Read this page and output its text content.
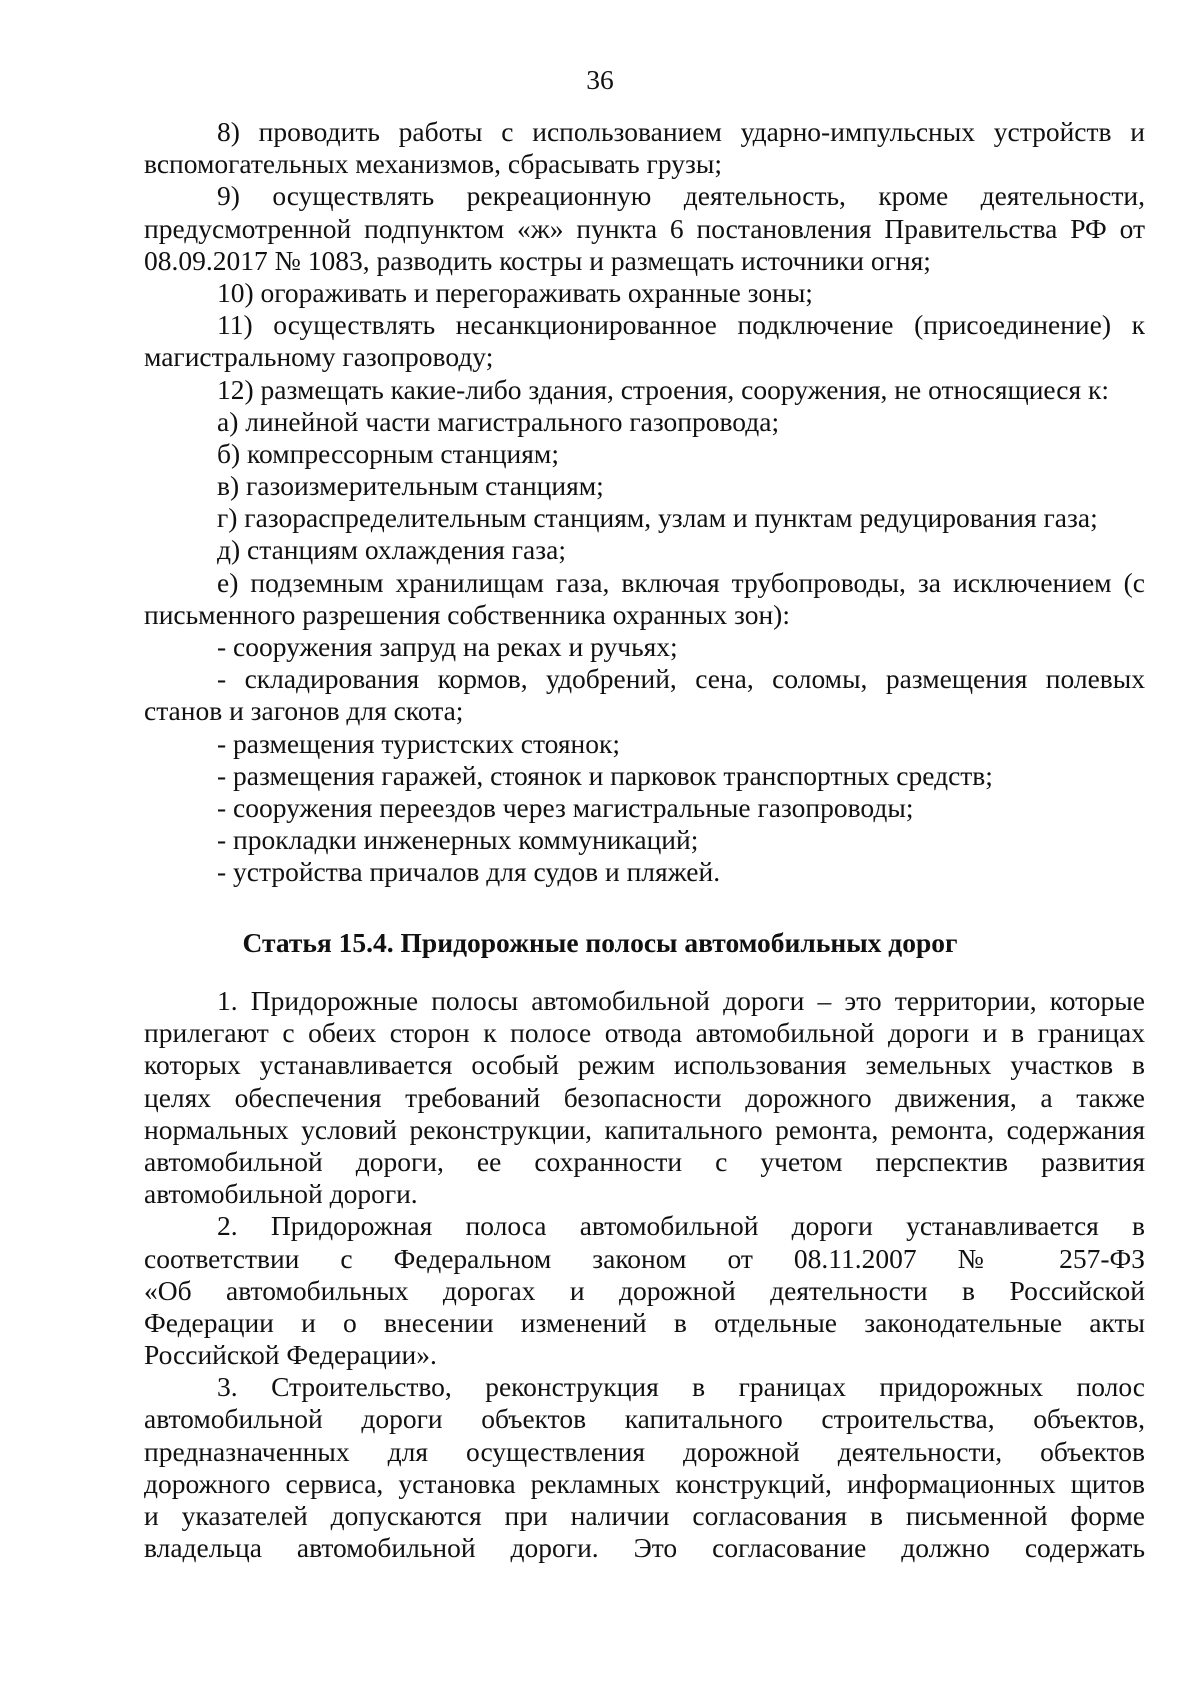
36
8) проводить работы с использованием ударно-импульсных устройств и
вспомогательных механизмов, сбрасывать грузы;
9) осуществлять рекреационную деятельность, кроме деятельности,
предусмотренной подпунктом «ж» пункта 6 постановления Правительства РФ от
08.09.2017 № 1083, разводить костры и размещать источники огня;
10) огораживать и перегораживать охранные зоны;
11) осуществлять несанкционированное подключение (присоединение) к
магистральному газопроводу;
12) размещать какие-либо здания, строения, сооружения, не относящиеся к:
а) линейной части магистрального газопровода;
б) компрессорным станциям;
в) газоизмерительным станциям;
г) газораспределительным станциям, узлам и пунктам редуцирования газа;
д) станциям охлаждения газа;
е) подземным хранилищам газа, включая трубопроводы, за исключением (с
письменного разрешения собственника охранных зон):
- сооружения запруд на реках и ручьях;
- складирования кормов, удобрений, сена, соломы, размещения полевых
станов и загонов для скота;
- размещения туристских стоянок;
- размещения гаражей, стоянок и парковок транспортных средств;
- сооружения переездов через магистральные газопроводы;
- прокладки инженерных коммуникаций;
- устройства причалов для судов и пляжей.
Статья 15.4. Придорожные полосы автомобильных дорог
1. Придорожные полосы автомобильной дороги – это территории, которые
прилегают с обеих сторон к полосе отвода автомобильной дороги и в границах
которых устанавливается особый режим использования земельных участков в
целях обеспечения требований безопасности дорожного движения, а также
нормальных условий реконструкции, капитального ремонта, ремонта, содержания
автомобильной дороги, ее сохранности с учетом перспектив развития
автомобильной дороги.
2. Придорожная полоса автомобильной дороги устанавливается в
соответствии с Федеральном законом от 08.11.2007 № 257-ФЗ
«Об автомобильных дорогах и дорожной деятельности в Российской
Федерации и о внесении изменений в отдельные законодательные акты
Российской Федерации».
3. Строительство, реконструкция в границах придорожных полос
автомобильной дороги объектов капитального строительства, объектов,
предназначенных для осуществления дорожной деятельности, объектов
дорожного сервиса, установка рекламных конструкций, информационных щитов
и указателей допускаются при наличии согласования в письменной форме
владельца автомобильной дороги. Это согласование должно содержать
